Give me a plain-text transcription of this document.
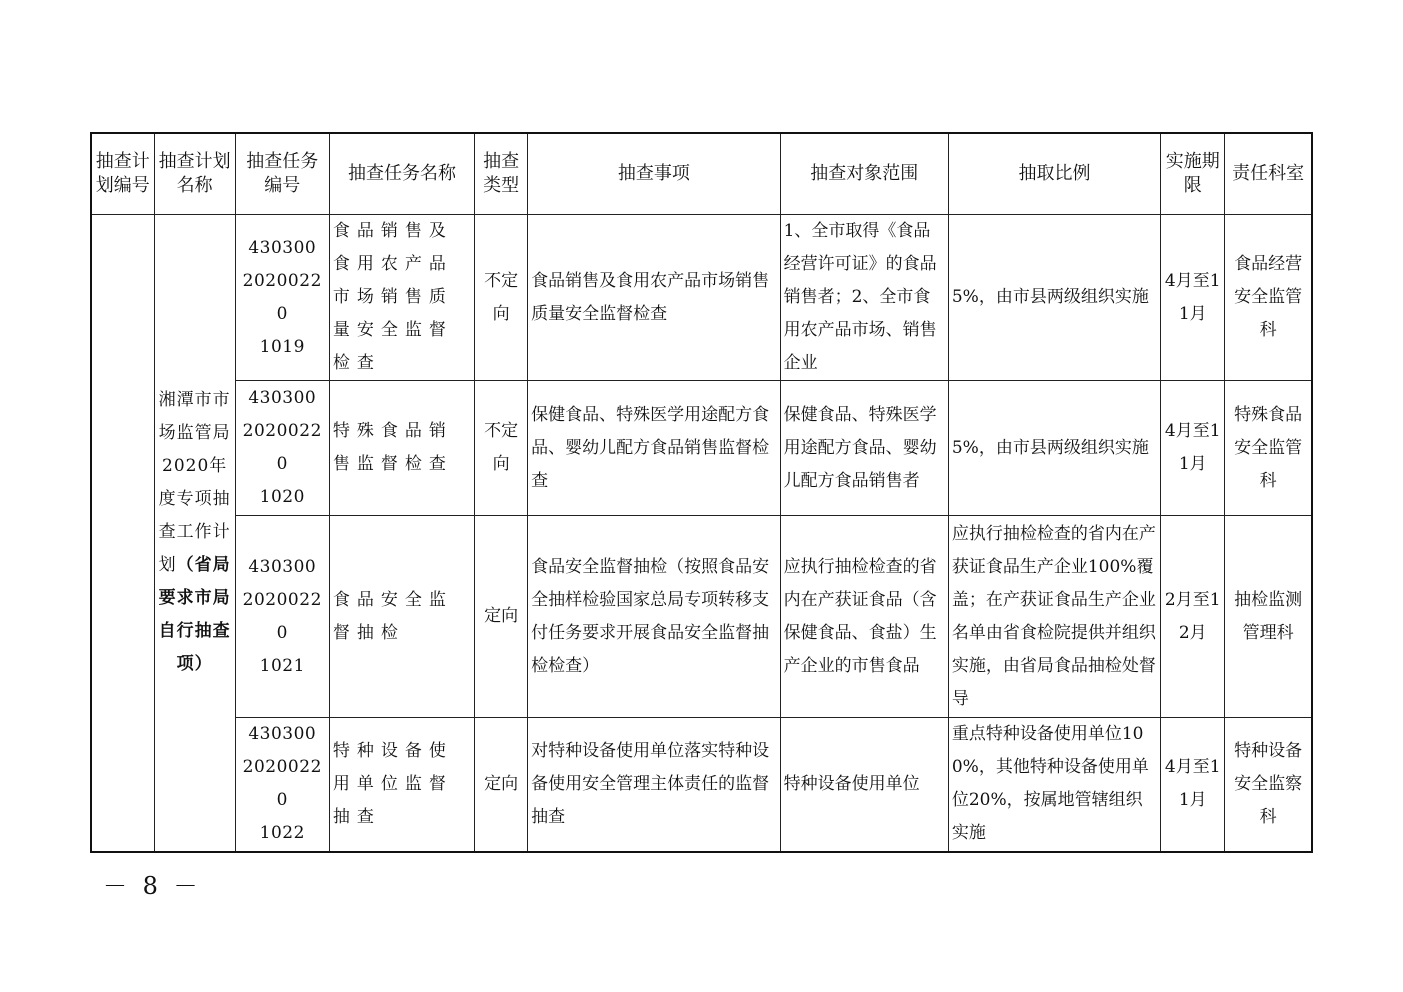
抽查计划编号	抽查计划名称	抽查任务编号	抽查任务名称	抽查类型	抽查事项	抽查对象范围	抽取比例	实施期限	责任科室
	湘潭市市场监管局2020年度专项抽查工作计划（省局要求市局自行抽查项）	430300
20200220
1019	食品销售及食用农产品市场销售质量安全监督检查	不定向	食品销售及食用农产品市场销售质量安全监督检查	1、全市取得《食品经营许可证》的食品销售者；2、全市食用农产品市场、销售企业	5%，由市县两级组织实施	4月至11月	食品经营安全监管科

		430300
20200220
1020	特殊食品销售监督检查	不定向	保健食品、特殊医学用途配方食品、婴幼儿配方食品销售监督检查	保健食品、特殊医学用途配方食品、婴幼儿配方食品销售者	5%，由市县两级组织实施	4月至11月	特殊食品安全监管科

		430300
20200220
1021	食品安全监督抽检	定向	食品安全监督抽检（按照食品安全抽样检验国家总局专项转移支付任务要求开展食品安全监督抽检检查）	应执行抽检检查的省内在产获证食品（含保健食品、食盐）生产企业的市售食品	应执行抽检检查的省内在产获证食品生产企业100%覆盖；在产获证食品生产企业名单由省食检院提供并组织实施，由省局食品抽检处督导	2月至12月	抽检监测管理科

		430300
20200220
1022	特种设备使用单位监督抽查	定向	对特种设备使用单位落实特种设备使用安全管理主体责任的监督抽查	特种设备使用单位	重点特种设备使用单位100%，其他特种设备使用单位20%，按属地管辖组织实施	4月至11月	特种设备安全监察科
－ 8 －
